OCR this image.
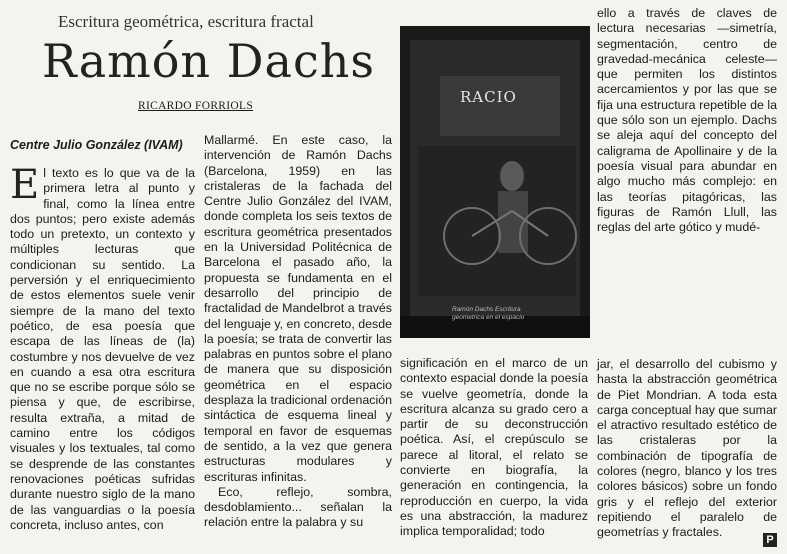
Escritura geométrica, escritura fractal
Ramón Dachs
RICARDO FORRIOLS
Centre Julio González (IVAM)

El texto es lo que va de la primera letra al punto y final, como la línea entre dos puntos; pero existe además todo un pretexto, un contexto y múltiples lecturas que condicionan su sentido. La perversión y el enriquecimiento de estos elementos suele venir siempre de la mano del texto poético, de esa poesía que escapa de las líneas de (la) costumbre y nos devuelve de vez en cuando a esa otra escritura que no se escribe porque sólo se piensa y que, de escribirse, resulta extraña, a mitad de camino entre los códigos visuales y los textuales, tal como se desprende de las constantes renovaciones poéticas sufridas durante nuestro siglo de la mano de las vanguardias o la poesía concreta, incluso antes, con

Mallarmé. En este caso, la intervención de Ramón Dachs (Barcelona, 1959) en las cristaleras de la fachada del Centre Julio González del IVAM, donde completa los seis textos de escritura geométrica presentados en la Universidad Politécnica de Barcelona el pasado año, la propuesta se fundamenta en el desarrollo del principio de fractalidad de Mandelbrot a través del lenguaje y, en concreto, desde la poesía; se trata de convertir las palabras en puntos sobre el plano de manera que su disposición geométrica en el espacio desplaza la tradicional ordenación sintáctica de esquema lineal y temporal en favor de esquemas de sentido, a la vez que genera estructuras modulares y escrituras infinitas.

Eco, reflejo, sombra, desdoblamiento... señalan la relación entre la palabra y su

RACIO
Ramón Dachs Escritura geometrica en el espacio

significación en el marco de un contexto espacial donde la poesía se vuelve geometría, donde la escritura alcanza su grado cero a partir de su deconstrucción poética. Así, el crepúsculo se parece al litoral, el relato se convierte en biografía, la generación en contingencia, la reproducción en cuerpo, la vida es una abstracción, la madurez implica temporalidad; todo

ello a través de claves de lectura necesarias —simetría, segmentación, centro de gravedad-mecánica celeste— que permiten los distintos acercamientos y por las que se fija una estructura repetible de la que sólo son un ejemplo. Dachs se aleja aquí del concepto del caligrama de Apollinaire y de la poesía visual para abundar en algo mucho más complejo: en las teorías pitagóricas, las figuras de Ramón Llull, las reglas del arte gótico y mudé-

jar, el desarrollo del cubismo y hasta la abstracción geométrica de Piet Mondrian. A toda esta carga conceptual hay que sumar el atractivo resultado estético de las cristaleras por la combinación de tipografía de colores (negro, blanco y los tres colores básicos) sobre un fondo gris y el reflejo del exterior repitiendo el paralelo de geometrías y fractales.

P
